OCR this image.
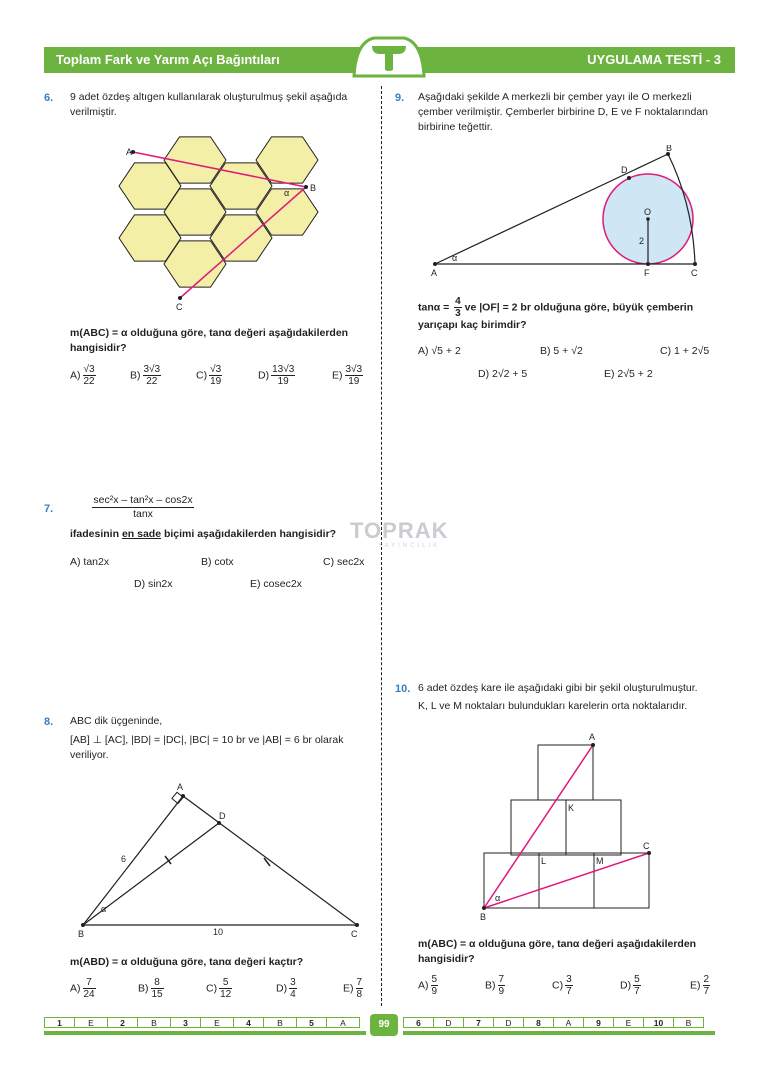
Toplam Fark ve Yarım Açı Bağıntıları	UYGULAMA TESTİ - 3
TOPRAK
YAYINCILIK
6. 9 adet özdeş altıgen kullanılarak oluşturulmuş şekil aşağıda verilmiştir.
A
B
C
α
m(ABC) = α olduğuna göre, tanα değeri aşağıdakilerden
hangisidir?
$A) \frac{√3}{22}$	$B) \frac{3√3}{22}$	$C) \frac{√3}{19}$	$D) \frac{13√3}{19}$	$E) \frac{3√3}{19}$
7.
sec²x – tan²x – cos2x
tanx
ifadesinin en sade biçimi aşağıdakilerden hangisidir?
A) tan2x	B) cotx	C) sec2x
D) sin2x	E) cosec2x
8. ABC dik üçgeninde,
[AB] ⊥ [AC], |BD| = |DC|, |BC| = 10 br ve |AB| = 6 br olarak
veriliyor.
A
B	C
D
6
10
α
m(ABD) = α olduğuna göre, tanα değeri kaçtır?
$A) \frac{7}{24}$	$B) \frac{8}{15}$	$C) \frac{5}{12}$	$D) \frac{3}{4}$	$E) \frac{7}{8}$
9. Aşağıdaki şekilde A merkezli bir çember yayı ile O merkezli
çember verilmiştir. Çemberler birbirine D, E ve F noktalarından
birbirine teğettir.
A
B
C
D
F
O
2
α
$\tan\alpha = \frac{4}{3}$ ve |OF| = 2 br olduğuna göre, büyük çemberin
yarıçapı kaç birimdir?
A) √5 + 2	B) 5 + √2	C) 1 + 2√5
D) 2√2 + 5	E) 2√5 + 2
10. 6 adet özdeş kare ile aşağıdaki gibi bir şekil oluşturulmuştur.
K, L ve M noktaları bulundukları karelerin orta noktalarıdır.
A
B
C
K
L	M
α
m(ABC) = α olduğuna göre, tanα değeri aşağıdakilerden
hangisidir?
$A) \frac{5}{9}$	$B) \frac{7}{9}$	$C) \frac{3}{7}$	$D) \frac{5}{7}$	$E) \frac{2}{7}$
1	E	2	B	3	E	4	B	5	A	6	D	7	D	8	A	9	E	10	B
99
